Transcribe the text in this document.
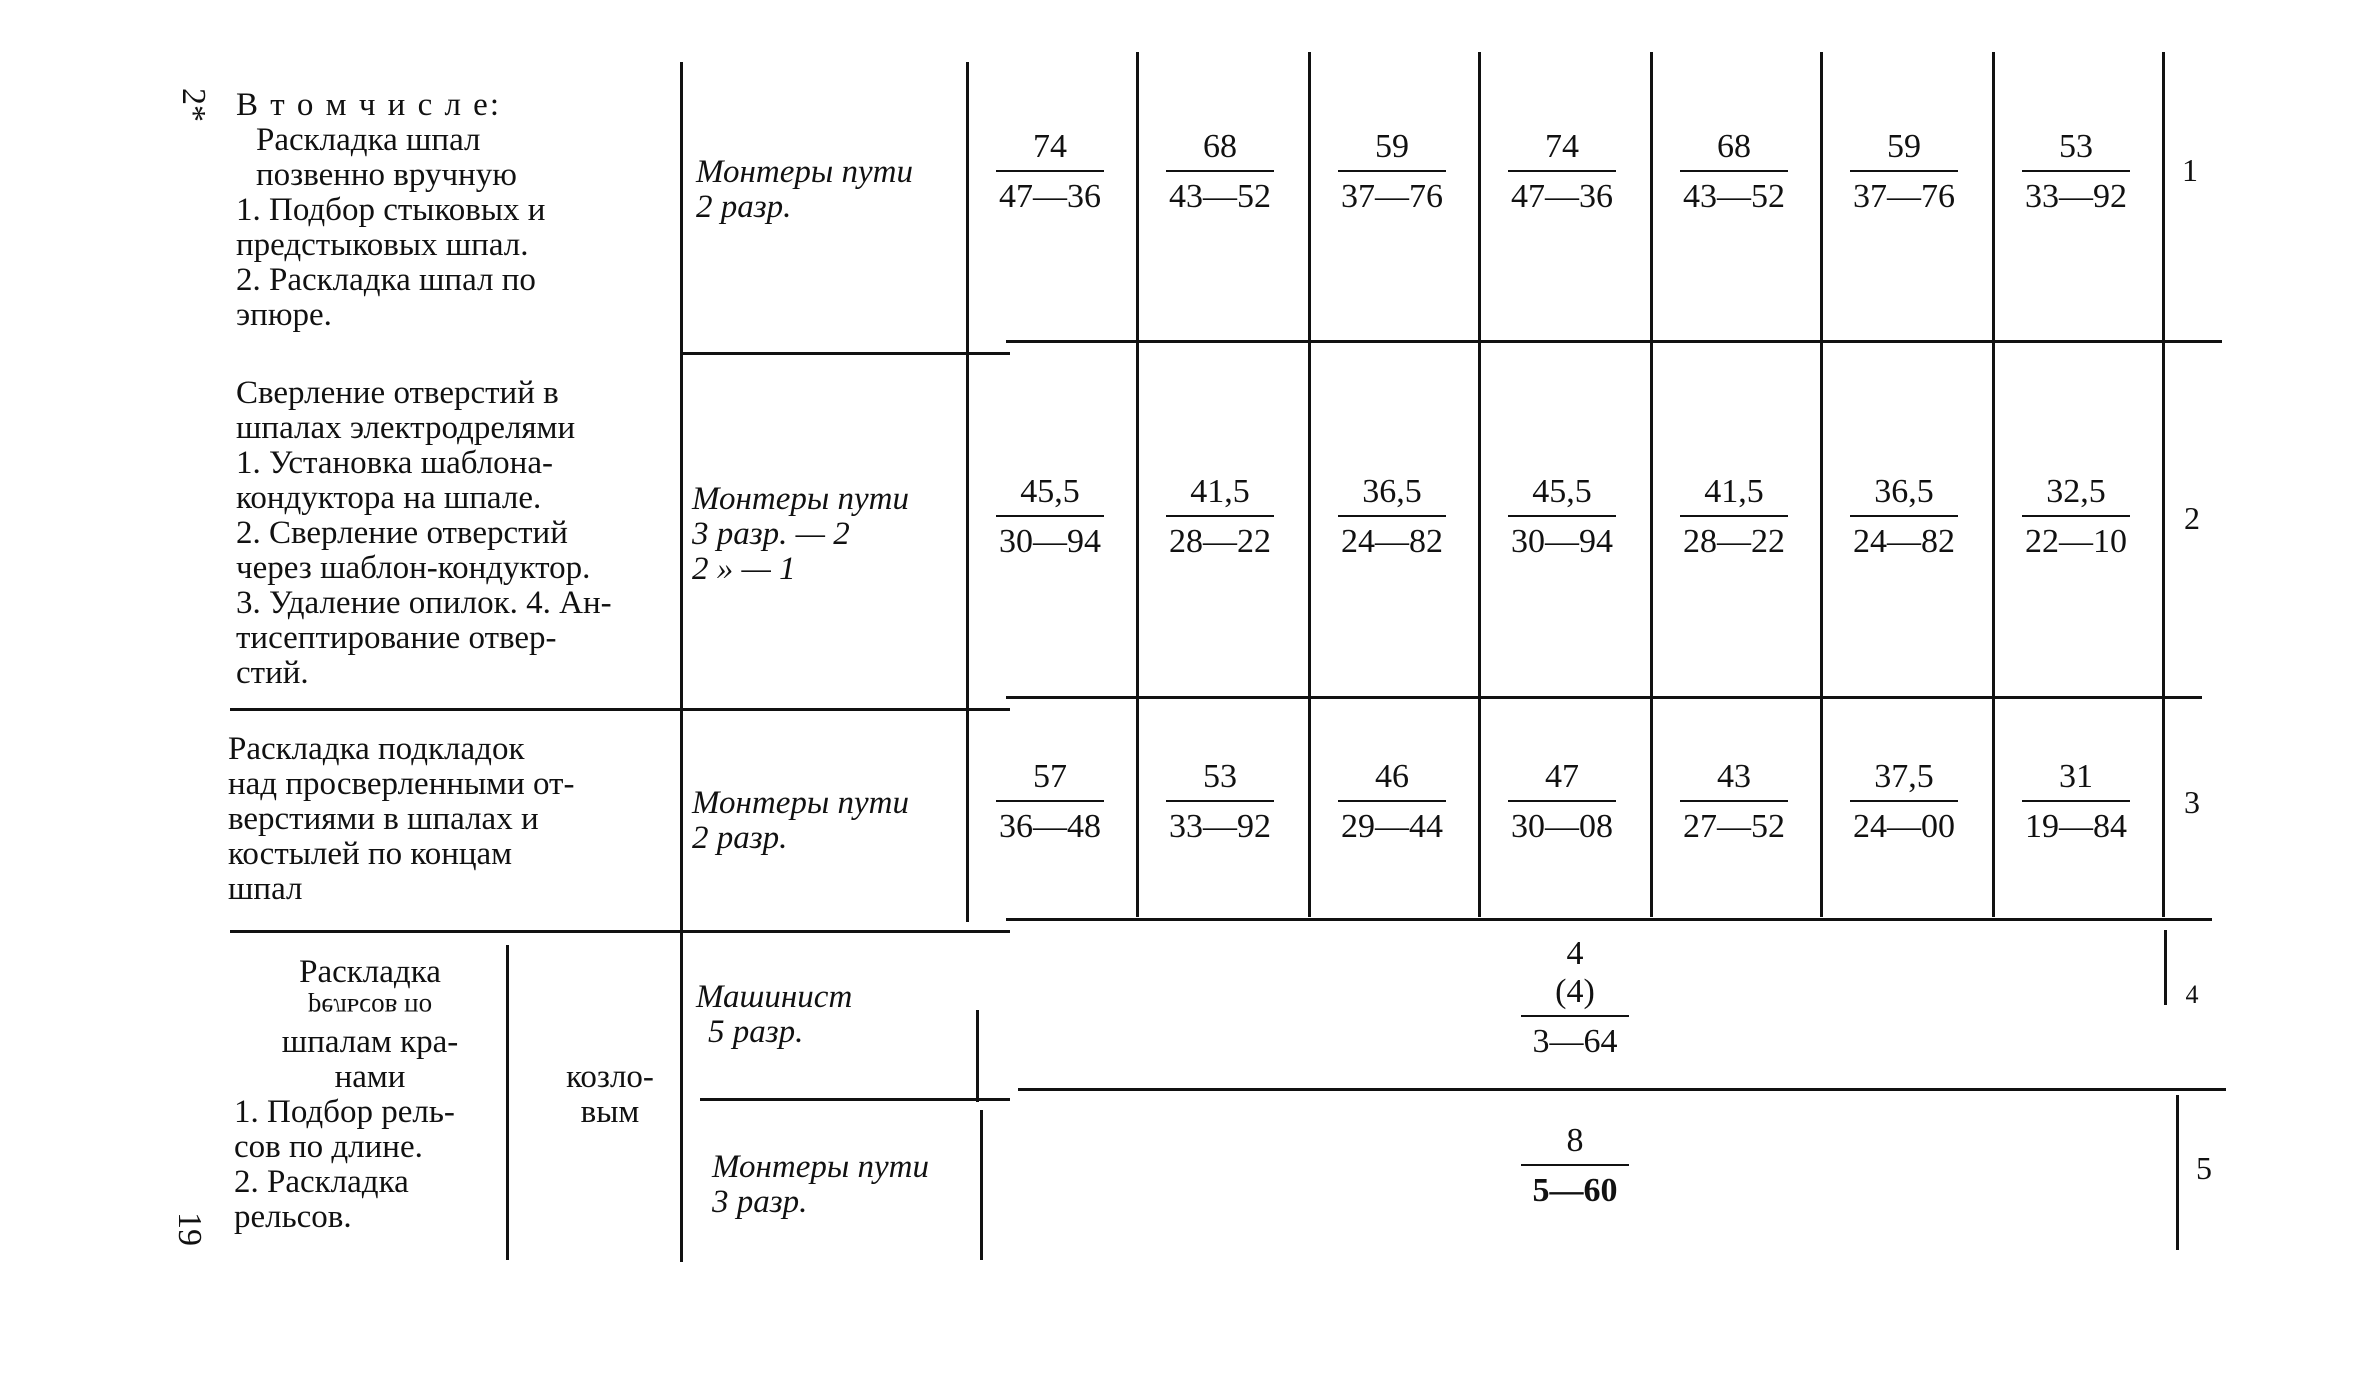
2*
19
В т о м ч и с л е:
Раскладка шпал
позвенно вручную
1. Подбор стыковых и
предстыковых шпал.
2. Раскладка шпал по
эпюре.
Монтеры пути
2 разр.
74
47—36
68
43—52
59
37—76
74
47—36
68
43—52
59
37—76
53
33—92
1
Сверление отверстий в
шпалах электродрелями
1. Установка шаблона-
кондуктора на шпале.
2. Сверление отверстий
через шаблон-кондуктор.
3. Удаление опилок. 4. Ан-
тисептирование отвер-
стий.
Монтеры пути
3 разр. — 2
2 » — 1
45,5
30—94
41,5
28—22
36,5
24—82
45,5
30—94
41,5
28—22
36,5
24—82
32,5
22—10
2
Раскладка подкладок
над просверленными от-
верстиями в шпалах и
костылей по концам
шпал
Монтеры пути
2 разр.
57
36—48
53
33—92
46
29—44
47
30—08
43
27—52
37,5
24—00
31
19—84
3
Раскладка
рельсов по
шпалам кра-
нами
1. Подбор рель-
сов по длине.
2. Раскладка
рельсов.
козло-
вым
Машинист
5 разр.
4
(4)
3—64
4
Монтеры пути
3 разр.
8
5—60
5
